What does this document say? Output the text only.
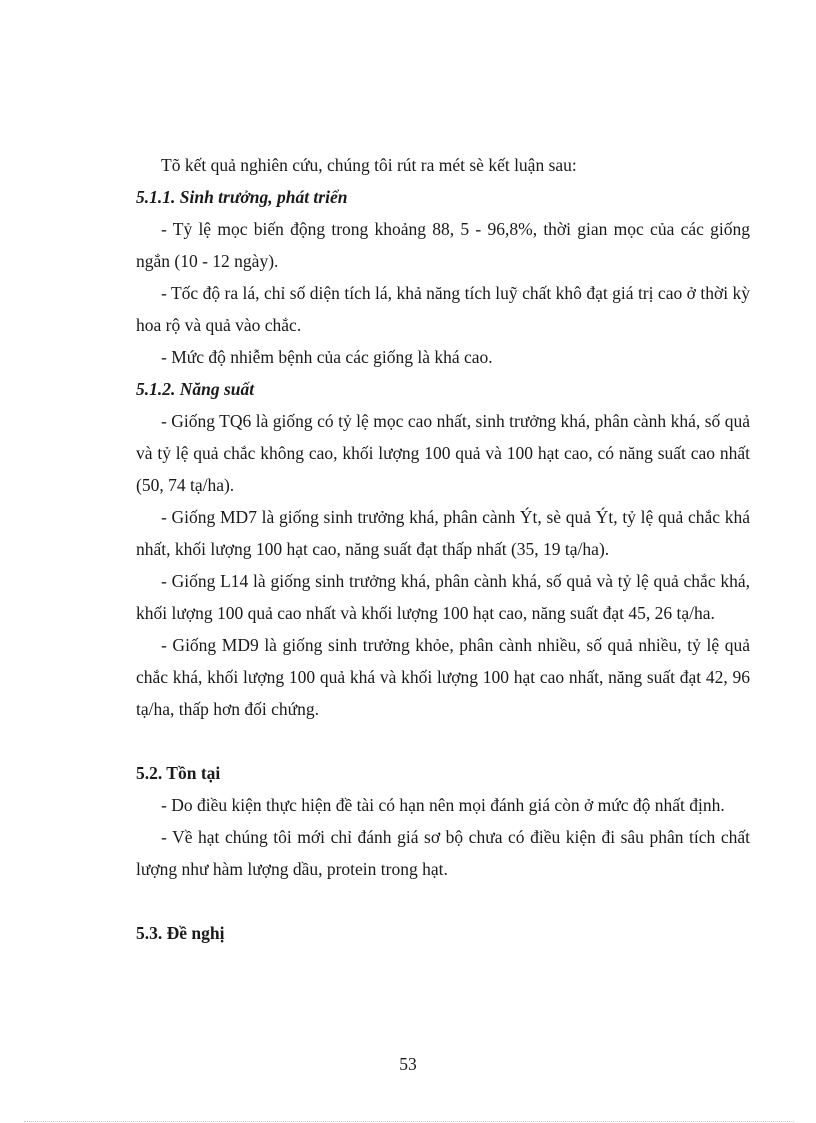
Tõ kết quả nghiên cứu, chúng tôi rút ra mét sè kết luận sau:

5.1.1. Sinh trưởng, phát triển

- Tỷ lệ mọc biến động trong khoảng 88, 5 - 96,8%, thời gian mọc của các giống ngắn (10 - 12 ngày).

- Tốc độ ra lá, chỉ số diện tích lá, khả năng tích luỹ chất khô đạt giá trị cao ở thời kỳ hoa rộ và quả vào chắc.

- Mức độ nhiễm bệnh của các giống là khá cao.

5.1.2. Năng suất

- Giống TQ6 là giống có tỷ lệ mọc cao nhất, sinh trưởng khá, phân cành khá, số quả và tỷ lệ quả chắc không cao, khối lượng 100 quả và 100 hạt cao, có năng suất cao nhất (50, 74 tạ/ha).

- Giống MD7 là giống sinh trưởng khá, phân cành Ýt, sè quả Ýt, tỷ lệ quả chắc khá nhất, khối lượng 100 hạt cao, năng suất đạt thấp nhất (35, 19 tạ/ha).

- Giống L14 là giống sinh trưởng khá, phân cành khá, số quả và tỷ lệ quả chắc khá, khối lượng 100 quả cao nhất và khối lượng 100 hạt cao, năng suất đạt 45, 26 tạ/ha.

- Giống MD9 là giống sinh trưởng khỏe, phân cành nhiều, số quả nhiều, tỷ lệ quả chắc khá, khối lượng 100 quả khá và khối lượng 100 hạt cao nhất, năng suất đạt 42, 96 tạ/ha, thấp hơn đối chứng.

5.2. Tồn tại

- Do điều kiện thực hiện đề tài có hạn nên mọi đánh giá còn ở mức độ nhất định.

- Về hạt chúng tôi mới chỉ đánh giá sơ bộ chưa có điều kiện đi sâu phân tích chất lượng như hàm lượng dầu, protein trong hạt.

5.3. Đề nghị

53
